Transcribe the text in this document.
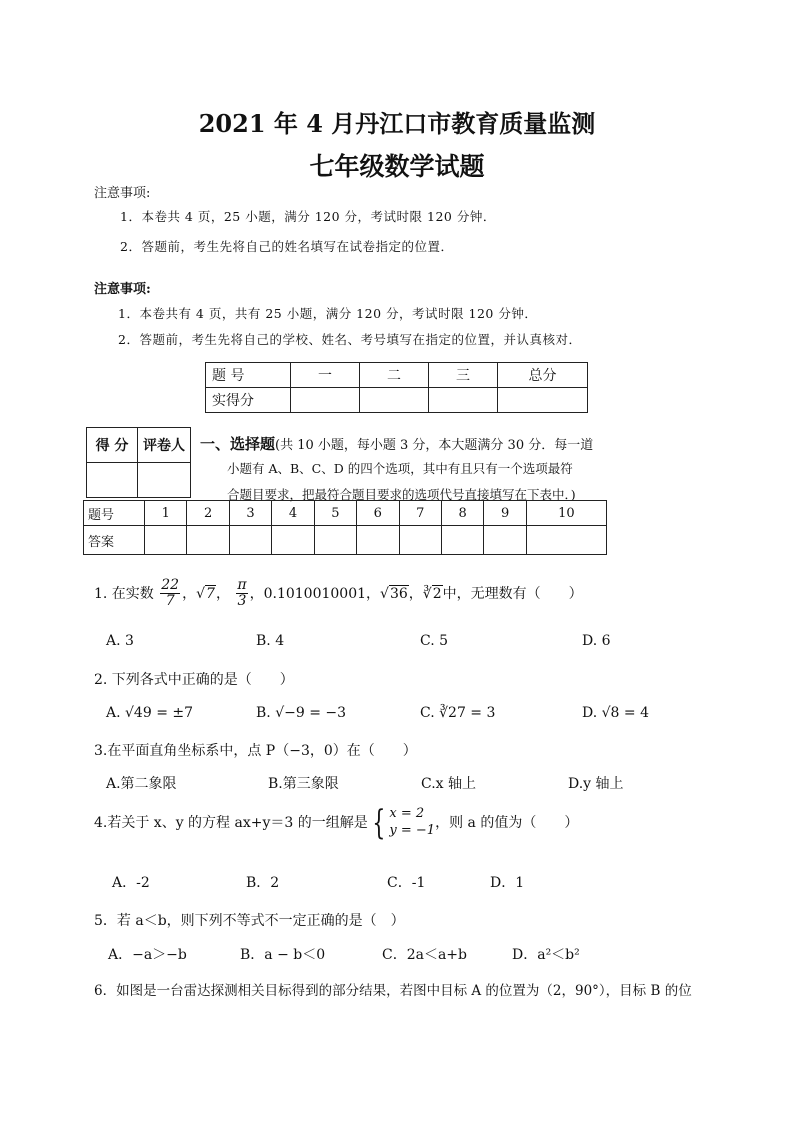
2021 年 4 月丹江口市教育质量监测
七年级数学试题
注意事项:
1．本卷共 4 页，25 小题，满分 120 分，考试时限 120 分钟．
2．答题前，考生先将自己的姓名填写在试卷指定的位置．
注意事项:
1．本卷共有 4 页，共有 25 小题，满分 120 分，考试时限 120 分钟．
2．答题前，考生先将自己的学校、姓名、考号填写在指定的位置，并认真核对．
题 号	一	二	三	总分
实得分				
得 分	评卷人
	一、选择题(共 10 小题，每小题 3 分，本大题满分 30 分．每一道
小题有 A、B、C、D 的四个选项，其中有且只有一个选项最符
合题目要求，把最符合题目要求的选项代号直接填写在下表中．)
题号	1	2	3	4	5	6	7	8	9	10
答案										
1. 在实数 $\frac{22}{7}$ ，√7， $\frac{\pi}{3}$ ，0.1010010001，√36，∛2中，无理数有（　　）
A. 3	B. 4	C. 5	D. 6
2. 下列各式中正确的是（　　）
A. √49 = ±7	B. √−9 = −3	C. ∛27 = 3	D. √8 = 4
3.在平面直角坐标系中，点 P（−3，0）在（　　）
A.第二象限	B.第三象限	C.x 轴上	D.y 轴上
4.若关于 x、y 的方程 ax+y＝3 的一组解是 { x = 2
y = −1 ，则 a 的值为（　　）
A．-2	B．2	C．-1	D．1
5．若 a＜b，则下列不等式不一定正确的是（　）
A．−a＞−b	B．a − b＜0	C．2a＜a+b	D．a²＜b²
6．如图是一台雷达探测相关目标得到的部分结果，若图中目标 A 的位置为（2，90°），目标 B 的位
